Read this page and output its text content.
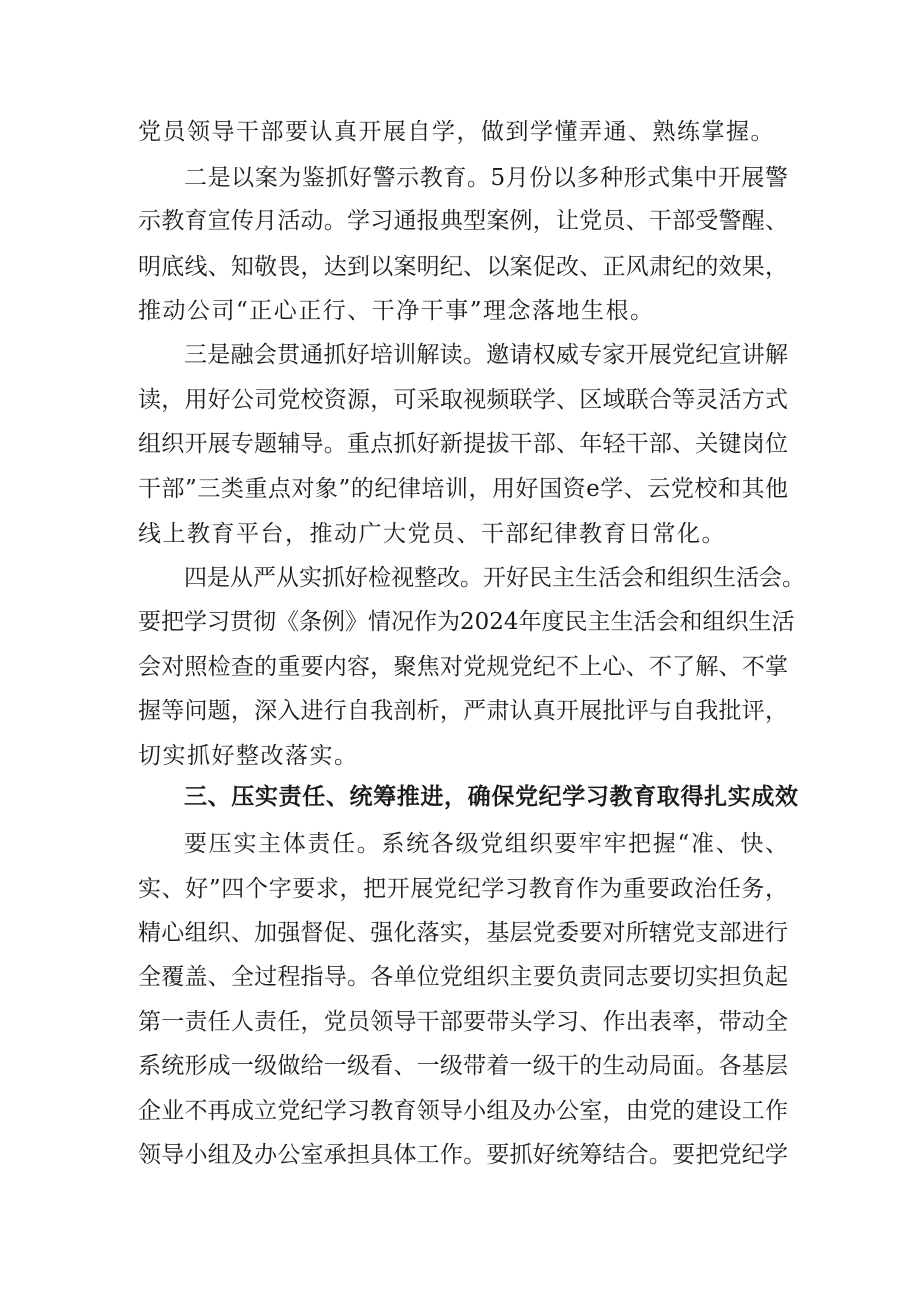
党员领导干部要认真开展自学，做到学懂弄通、熟练掌握。
二是以案为鉴抓好警示教育。5月份以多种形式集中开展警
示教育宣传月活动。学习通报典型案例，让党员、干部受警醒、
明底线、知敬畏，达到以案明纪、以案促改、正风肃纪的效果，
推动公司“正心正行、干净干事”理念落地生根。
三是融会贯通抓好培训解读。邀请权威专家开展党纪宣讲解
读，用好公司党校资源，可采取视频联学、区域联合等灵活方式
组织开展专题辅导。重点抓好新提拔干部、年轻干部、关键岗位
干部”三类重点对象”的纪律培训，用好国资e学、云党校和其他
线上教育平台，推动广大党员、干部纪律教育日常化。
四是从严从实抓好检视整改。开好民主生活会和组织生活会。
要把学习贯彻《条例》情况作为2024年度民主生活会和组织生活
会对照检查的重要内容，聚焦对党规党纪不上心、不了解、不掌
握等问题，深入进行自我剖析，严肃认真开展批评与自我批评，
切实抓好整改落实。
三、压实责任、统筹推进，确保党纪学习教育取得扎实成效
要压实主体责任。系统各级党组织要牢牢把握“准、快、
实、好”四个字要求，把开展党纪学习教育作为重要政治任务，
精心组织、加强督促、强化落实，基层党委要对所辖党支部进行
全覆盖、全过程指导。各单位党组织主要负责同志要切实担负起
第一责任人责任，党员领导干部要带头学习、作出表率，带动全
系统形成一级做给一级看、一级带着一级干的生动局面。各基层
企业不再成立党纪学习教育领导小组及办公室，由党的建设工作
领导小组及办公室承担具体工作。要抓好统筹结合。要把党纪学
